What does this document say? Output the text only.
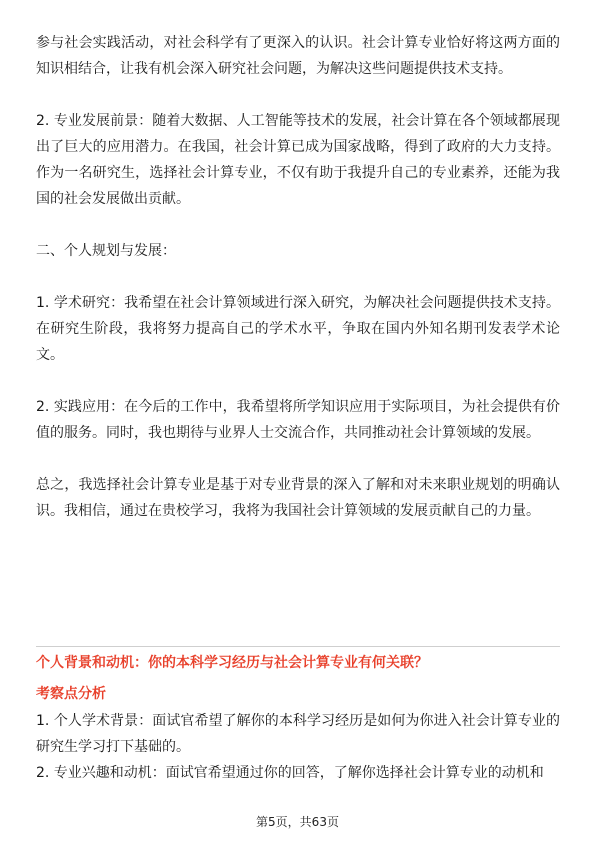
参与社会实践活动，对社会科学有了更深入的认识。社会计算专业恰好将这两方面的知识相结合，让我有机会深入研究社会问题，为解决这些问题提供技术支持。

2. 专业发展前景：随着大数据、人工智能等技术的发展，社会计算在各个领域都展现出了巨大的应用潜力。在我国，社会计算已成为国家战略，得到了政府的大力支持。作为一名研究生，选择社会计算专业，不仅有助于我提升自己的专业素养，还能为我国的社会发展做出贡献。

二、个人规划与发展：

1. 学术研究：我希望在社会计算领域进行深入研究，为解决社会问题提供技术支持。在研究生阶段，我将努力提高自己的学术水平，争取在国内外知名期刊发表学术论文。

2. 实践应用：在今后的工作中，我希望将所学知识应用于实际项目，为社会提供有价值的服务。同时，我也期待与业界人士交流合作，共同推动社会计算领域的发展。

总之，我选择社会计算专业是基于对专业背景的深入了解和对未来职业规划的明确认识。我相信，通过在贵校学习，我将为我国社会计算领域的发展贡献自己的力量。

个人背景和动机：你的本科学习经历与社会计算专业有何关联？

考察点分析

1. 个人学术背景：面试官希望了解你的本科学习经历是如何为你进入社会计算专业的研究生学习打下基础的。

2. 专业兴趣和动机：面试官希望通过你的回答，了解你选择社会计算专业的动机和

第5页，共63页
